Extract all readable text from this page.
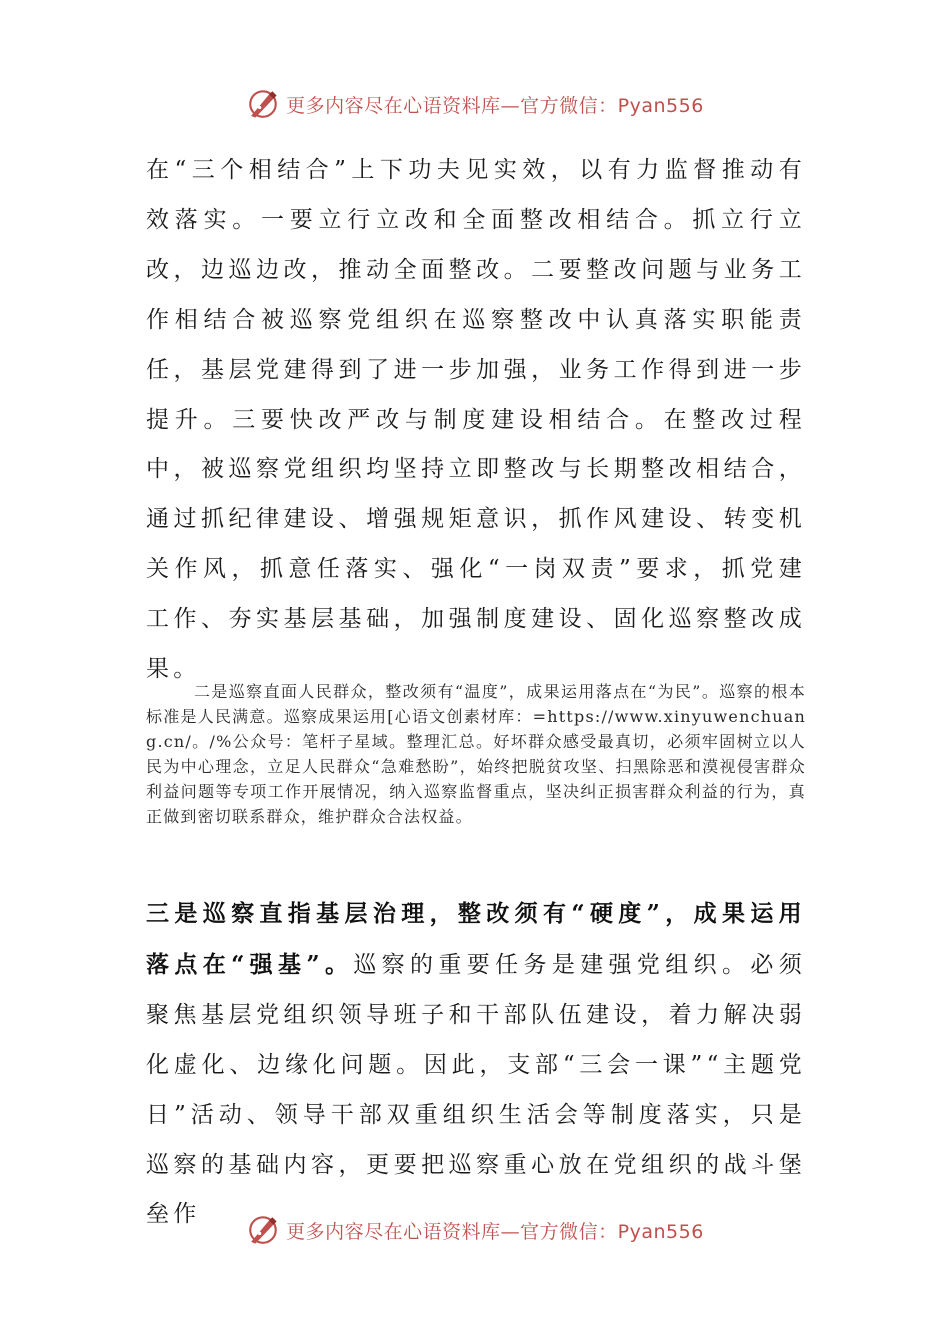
更多内容尽在心语资料库—官方微信：Pyan556

在“三个相结合”上下功夫见实效，以有力监督推动有效落实。一要立行立改和全面整改相结合。抓立行立改，边巡边改，推动全面整改。二要整改问题与业务工作相结合被巡察党组织在巡察整改中认真落实职能责任，基层党建得到了进一步加强，业务工作得到进一步提升。三要快改严改与制度建设相结合。在整改过程中，被巡察党组织均坚持立即整改与长期整改相结合，通过抓纪律建设、增强规矩意识，抓作风建设、转变机关作风，抓意任落实、强化“一岗双责”要求，抓党建工作、夯实基层基础，加强制度建设、固化巡察整改成果。

二是巡察直面人民群众，整改须有“温度”，成果运用落点在“为民”。巡察的根本标准是人民满意。巡察成果运用[心语文创素材库：=https://www.xinyuwenchuang.cn/。/%公众号：笔杆子星域。整理汇总。好坏群众感受最真切，必须牢固树立以人民为中心理念，立足人民群众“急难愁盼”，始终把脱贫攻坚、扫黑除恶和漠视侵害群众利益问题等专项工作开展情况，纳入巡察监督重点，坚决纠正损害群众利益的行为，真正做到密切联系群众，维护群众合法权益。

三是巡察直指基层治理，整改须有“硬度”，成果运用落点在“强基”。巡察的重要任务是建强党组织。必须聚焦基层党组织领导班子和干部队伍建设，着力解决弱化虚化、边缘化问题。因此，支部“三会一课”“主题党日”活动、领导干部双重组织生活会等制度落实，只是巡察的基础内容，更要把巡察重心放在党组织的战斗堡垒作

更多内容尽在心语资料库—官方微信：Pyan556
